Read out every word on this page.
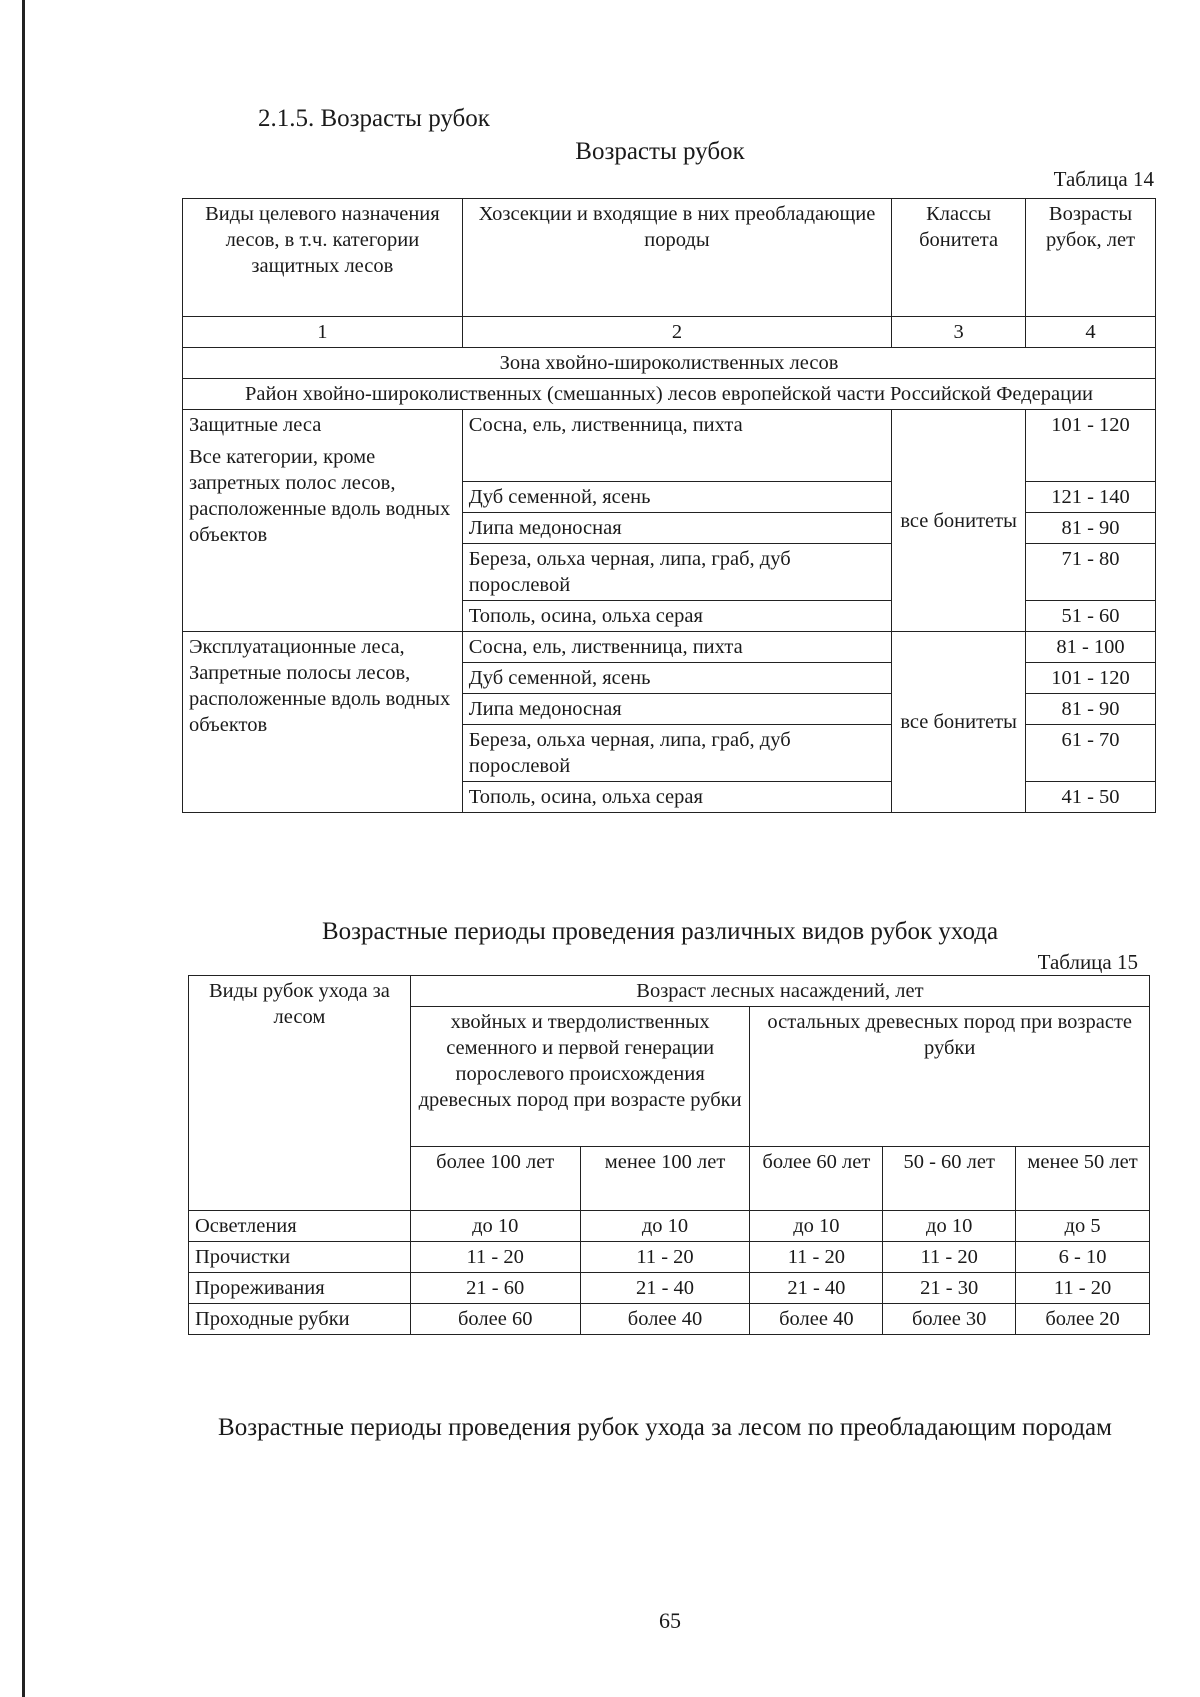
2.1.5. Возрасты рубок
Возрасты рубок
Таблица 14
Виды целевого назначения лесов, в т.ч. категории защитных лесов	Хозсекции и входящие в них преобладающие породы	Классы бонитета	Возрасты рубок, лет
1	2	3	4
Зона хвойно-широколиственных лесов			
Район хвойно-широколиственных (смешанных) лесов европейской части Российской Федерации			

Защитные леса
Все категории, кроме запретных полос лесов, расположенные вдоль водных объектов	Сосна, ель, лиственница, пихта	все бонитеты	101 - 120
	Дуб семенной, ясень		121 - 140
	Липа медоносная		81 - 90
	Береза, ольха черная, липа, граб, дуб порослевой		71 - 80
	Тополь, осина, ольха серая		51 - 60

Эксплуатационные леса,
Запретные полосы лесов, расположенные вдоль водных объектов	Сосна, ель, лиственница, пихта	все бонитеты	81 - 100
	Дуб семенной, ясень		101 - 120
	Липа медоносная		81 - 90
	Береза, ольха черная, липа, граб, дуб порослевой		61 - 70
	Тополь, осина, ольха серая		41 - 50
Возрастные периоды проведения различных видов рубок ухода
Таблица 15
Виды рубок ухода за лесом	Возраст лесных насаждений, лет				
	хвойных и твердолиственных семенного и первой генерации порослевого происхождения древесных пород при возрасте рубки		остальных древесных пород при возрасте рубки		
	более 100 лет	менее 100 лет	более 60 лет	50 - 60 лет	менее 50 лет
Осветления	до 10	до 10	до 10	до 10	до 5
Прочистки	11 - 20	11 - 20	11 - 20	11 - 20	6 - 10
Прореживания	21 - 60	21 - 40	21 - 40	21 - 30	11 - 20
Проходные рубки	более 60	более 40	более 40	более 30	более 20
Возрастные периоды проведения рубок ухода за лесом по преобладающим породам
65
